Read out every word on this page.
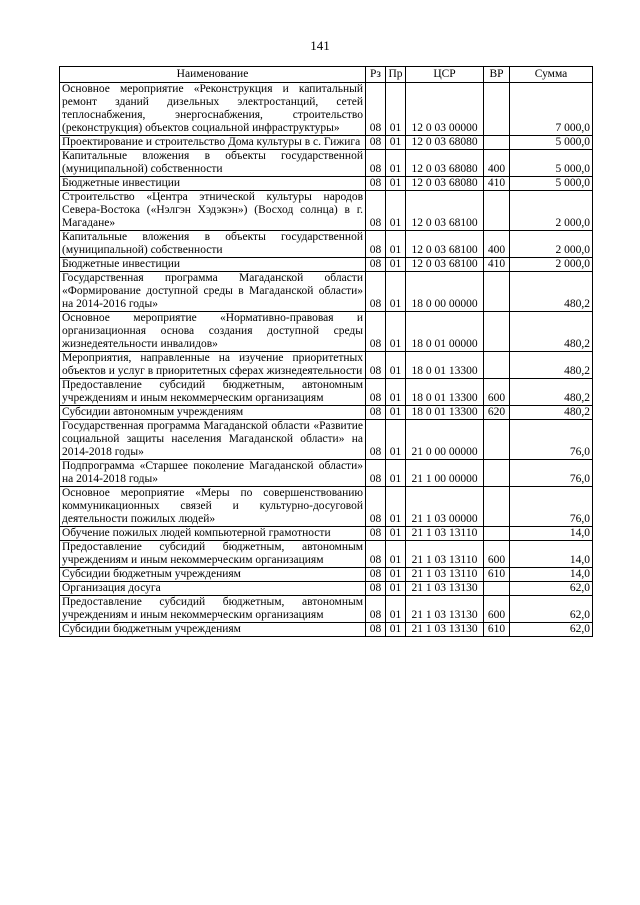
141
Наименование	Рз	Пр	ЦСР	ВР	Сумма
Основное мероприятие «Реконструкция и капитальный ремонт зданий дизельных электростанций, сетей теплоснабжения, энергоснабжения, строительство (реконструкция) объектов социальной инфраструктуры»	08	01	12 0 03 00000		7 000,0
Проектирование и строительство Дома культуры в с. Гижига	08	01	12 0 03 68080		5 000,0
Капитальные вложения в объекты государственной (муниципальной) собственности	08	01	12 0 03 68080	400	5 000,0
Бюджетные инвестиции	08	01	12 0 03 68080	410	5 000,0
Строительство «Центра этнической культуры народов Севера-Востока («Нэлгэн Хэдэкэн») (Восход солнца) в г. Магадане»	08	01	12 0 03 68100		2 000,0
Капитальные вложения в объекты государственной (муниципальной) собственности	08	01	12 0 03 68100	400	2 000,0
Бюджетные инвестиции	08	01	12 0 03 68100	410	2 000,0
Государственная программа Магаданской области «Формирование доступной среды в Магаданской области» на 2014-2016 годы»	08	01	18 0 00 00000		480,2
Основное мероприятие «Нормативно-правовая и организационная основа создания доступной среды жизнедеятельности инвалидов»	08	01	18 0 01 00000		480,2
Мероприятия, направленные на изучение приоритетных объектов и услуг в приоритетных сферах жизнедеятельности	08	01	18 0 01 13300		480,2
Предоставление субсидий бюджетным, автономным учреждениям и иным некоммерческим организациям	08	01	18 0 01 13300	600	480,2
Субсидии автономным учреждениям	08	01	18 0 01 13300	620	480,2
Государственная программа Магаданской области «Развитие социальной защиты населения Магаданской области» на 2014-2018 годы»	08	01	21 0 00 00000		76,0
Подпрограмма «Старшее поколение Магаданской области» на 2014-2018 годы»	08	01	21 1 00 00000		76,0
Основное мероприятие «Меры по совершенствованию коммуникационных связей и культурно-досуговой деятельности пожилых людей»	08	01	21 1 03 00000		76,0
Обучение пожилых людей компьютерной грамотности	08	01	21 1 03 13110		14,0
Предоставление субсидий бюджетным, автономным учреждениям и иным некоммерческим организациям	08	01	21 1 03 13110	600	14,0
Субсидии бюджетным учреждениям	08	01	21 1 03 13110	610	14,0
Организация досуга	08	01	21 1 03 13130		62,0
Предоставление субсидий бюджетным, автономным учреждениям и иным некоммерческим организациям	08	01	21 1 03 13130	600	62,0
Субсидии бюджетным учреждениям	08	01	21 1 03 13130	610	62,0
